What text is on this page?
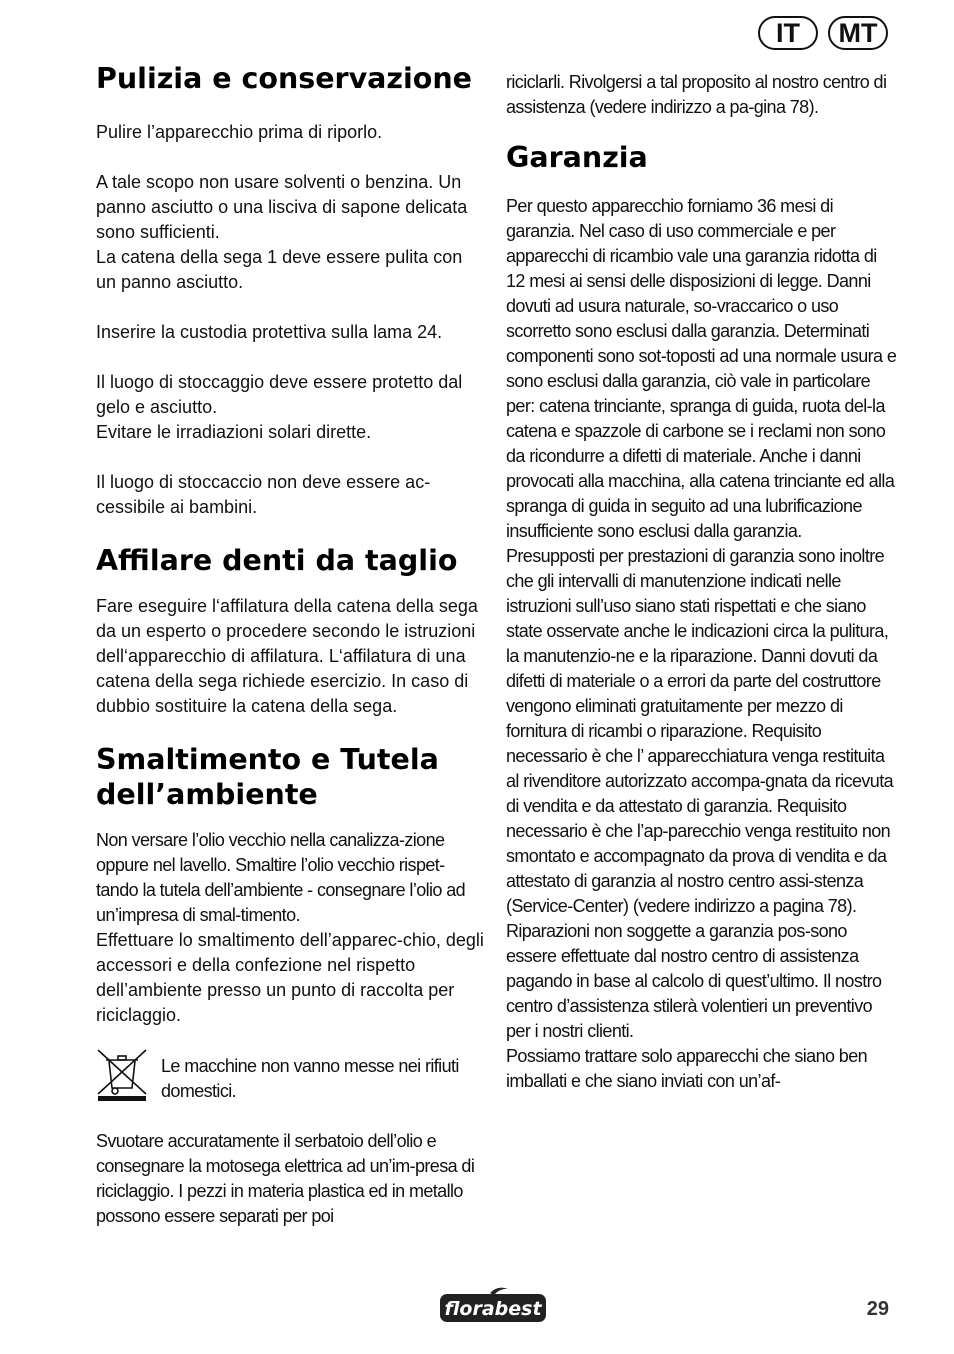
IT	MT
Pulizia e conservazione

Pulire l’apparecchio prima di riporlo.

A tale scopo non usare solventi o benzina. Un panno asciutto o una lisciva di sapone delicata sono sufficienti.

La catena della sega 1 deve essere pulita con un panno asciutto.

Inserire la custodia protettiva sulla lama 24.

Il luogo di stoccaggio deve essere protetto dal gelo e asciutto.

Evitare le irradiazioni solari dirette.

Il luogo di stoccaccio non deve essere ac-cessibile ai bambini.

Affilare denti da taglio

Fare eseguire l‘affilatura della catena della sega da un esperto o procedere secondo le istruzioni dell‘apparecchio di affilatura. L‘affilatura di una catena della sega richiede esercizio. In caso di dubbio sostituire la catena della sega.

Smaltimento e Tutela
dell’ambiente

Non versare l’olio vecchio nella canalizza-zione oppure nel lavello. Smaltire l’olio vecchio rispet-tando la tutela dell’ambiente - consegnare l’olio ad un’impresa di smal-timento.

Effettuare lo smaltimento dell’apparec-chio, degli accessori e della confezione nel rispetto dell’ambiente presso un punto di raccolta per riciclaggio.

Le macchine non vanno messe nei rifiuti domestici.

Svuotare accuratamente il serbatoio dell’olio e consegnare la motosega elettrica ad un’im-presa di riciclaggio. I pezzi in materia plastica ed in metallo possono essere separati per poi

riciclarli. Rivolgersi a tal proposito al nostro centro di assistenza (vedere indirizzo a pa-gina 78).

Garanzia

Per questo apparecchio forniamo 36 mesi di garanzia. Nel caso di uso commerciale e per apparecchi di ricambio vale una garanzia ridotta di 12 mesi ai sensi delle disposizioni di legge. Danni dovuti ad usura naturale, so-vraccarico o uso scorretto sono esclusi dalla garanzia. Determinati componenti sono sot-toposti ad una normale usura e sono esclusi dalla garanzia, ciò vale in particolare per: catena trinciante, spranga di guida, ruota del-la catena e spazzole di carbone se i reclami non sono da ricondurre a difetti di materiale. Anche i danni provocati alla macchina, alla catena trinciante ed alla spranga di guida in seguito ad una lubrificazione insufficiente sono esclusi dalla garanzia.

Presupposti per prestazioni di garanzia sono inoltre che gli intervalli di manutenzione indicati nelle istruzioni sull’uso siano stati rispettati e che siano state osservate anche le indicazioni circa la pulitura, la manutenzio-ne e la riparazione. Danni dovuti da difetti di materiale o a errori da parte del costruttore vengono eliminati gratuitamente per mezzo di fornitura di ricambi o riparazione. Requisito necessario è che l’ apparecchiatura venga restituita al rivenditore autorizzato accompa-gnata da ricevuta di vendita e da attestato di garanzia. Requisito necessario è che l’ap-parecchio venga restituito non smontato e accompagnato da prova di vendita e da attestato di garanzia al nostro centro assi-stenza (Service-Center) (vedere indirizzo a pagina 78).

Riparazioni non soggette a garanzia pos-sono essere effettuate dal nostro centro di assistenza pagando in base al calcolo di quest’ultimo. Il nostro centro d’assistenza stilerà volentieri un preventivo per i nostri clienti.

Possiamo trattare solo apparecchi che siano ben imballati e che siano inviati con un’af-

florabest	29
